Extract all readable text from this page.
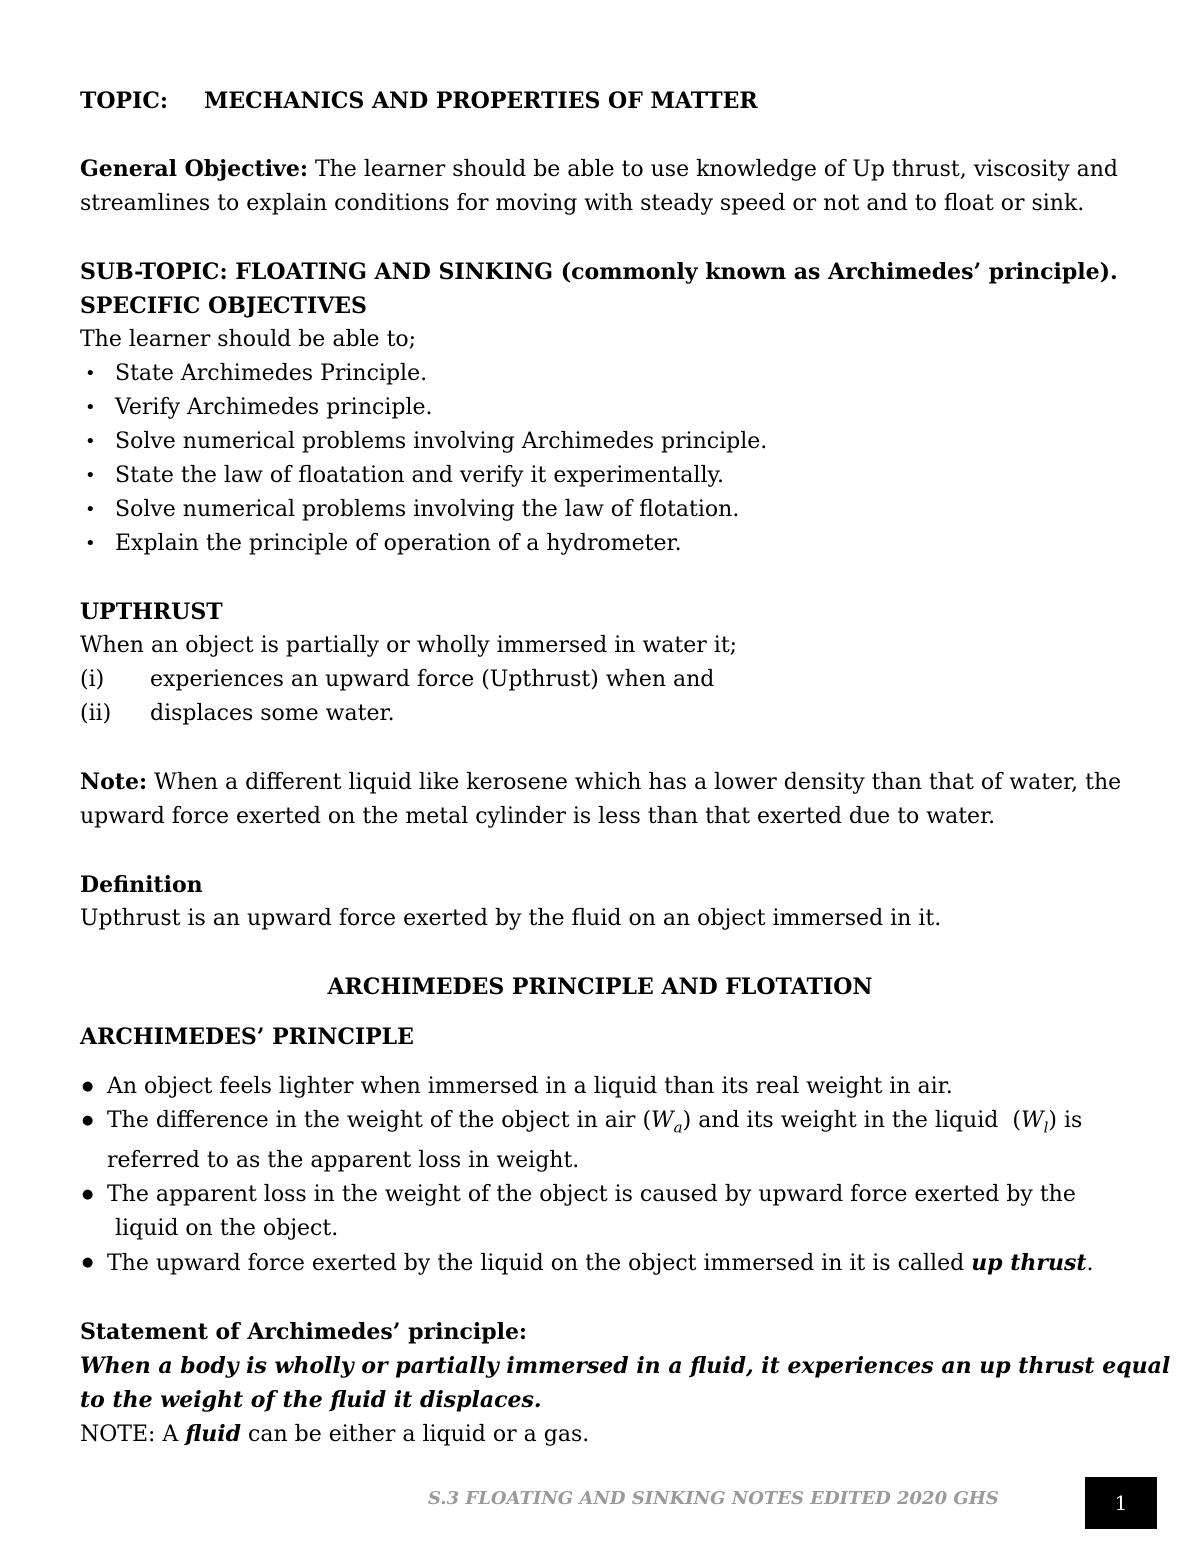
TOPIC: MECHANICS AND PROPERTIES OF MATTER
General Objective: The learner should be able to use knowledge of Up thrust, viscosity and
streamlines to explain conditions for moving with steady speed or not and to float or sink.
SUB-TOPIC: FLOATING AND SINKING (commonly known as Archimedes’ principle).
SPECIFIC OBJECTIVES
The learner should be able to;
• State Archimedes Principle.
• Verify Archimedes principle.
• Solve numerical problems involving Archimedes principle.
• State the law of floatation and verify it experimentally.
• Solve numerical problems involving the law of flotation.
• Explain the principle of operation of a hydrometer.
UPTHRUST
When an object is partially or wholly immersed in water it;
(i) experiences an upward force (Upthrust) when and
(ii) displaces some water.
Note: When a different liquid like kerosene which has a lower density than that of water, the
upward force exerted on the metal cylinder is less than that exerted due to water.
Definition
Upthrust is an upward force exerted by the fluid on an object immersed in it.
ARCHIMEDES PRINCIPLE AND FLOTATION
ARCHIMEDES’ PRINCIPLE
● An object feels lighter when immersed in a liquid than its real weight in air.
● The difference in the weight of the object in air $(W_a)$ and its weight in the liquid  $(W_l)$ is
referred to as the apparent loss in weight.
● The apparent loss in the weight of the object is caused by upward force exerted by the
liquid on the object.
● The upward force exerted by the liquid on the object immersed in it is called up thrust.
Statement of Archimedes’ principle:
When a body is wholly or partially immersed in a fluid, it experiences an up thrust equal
to the weight of the fluid it displaces.
NOTE: A fluid can be either a liquid or a gas.
S.3 FLOATING AND SINKING NOTES EDITED 2020 GHS	1
